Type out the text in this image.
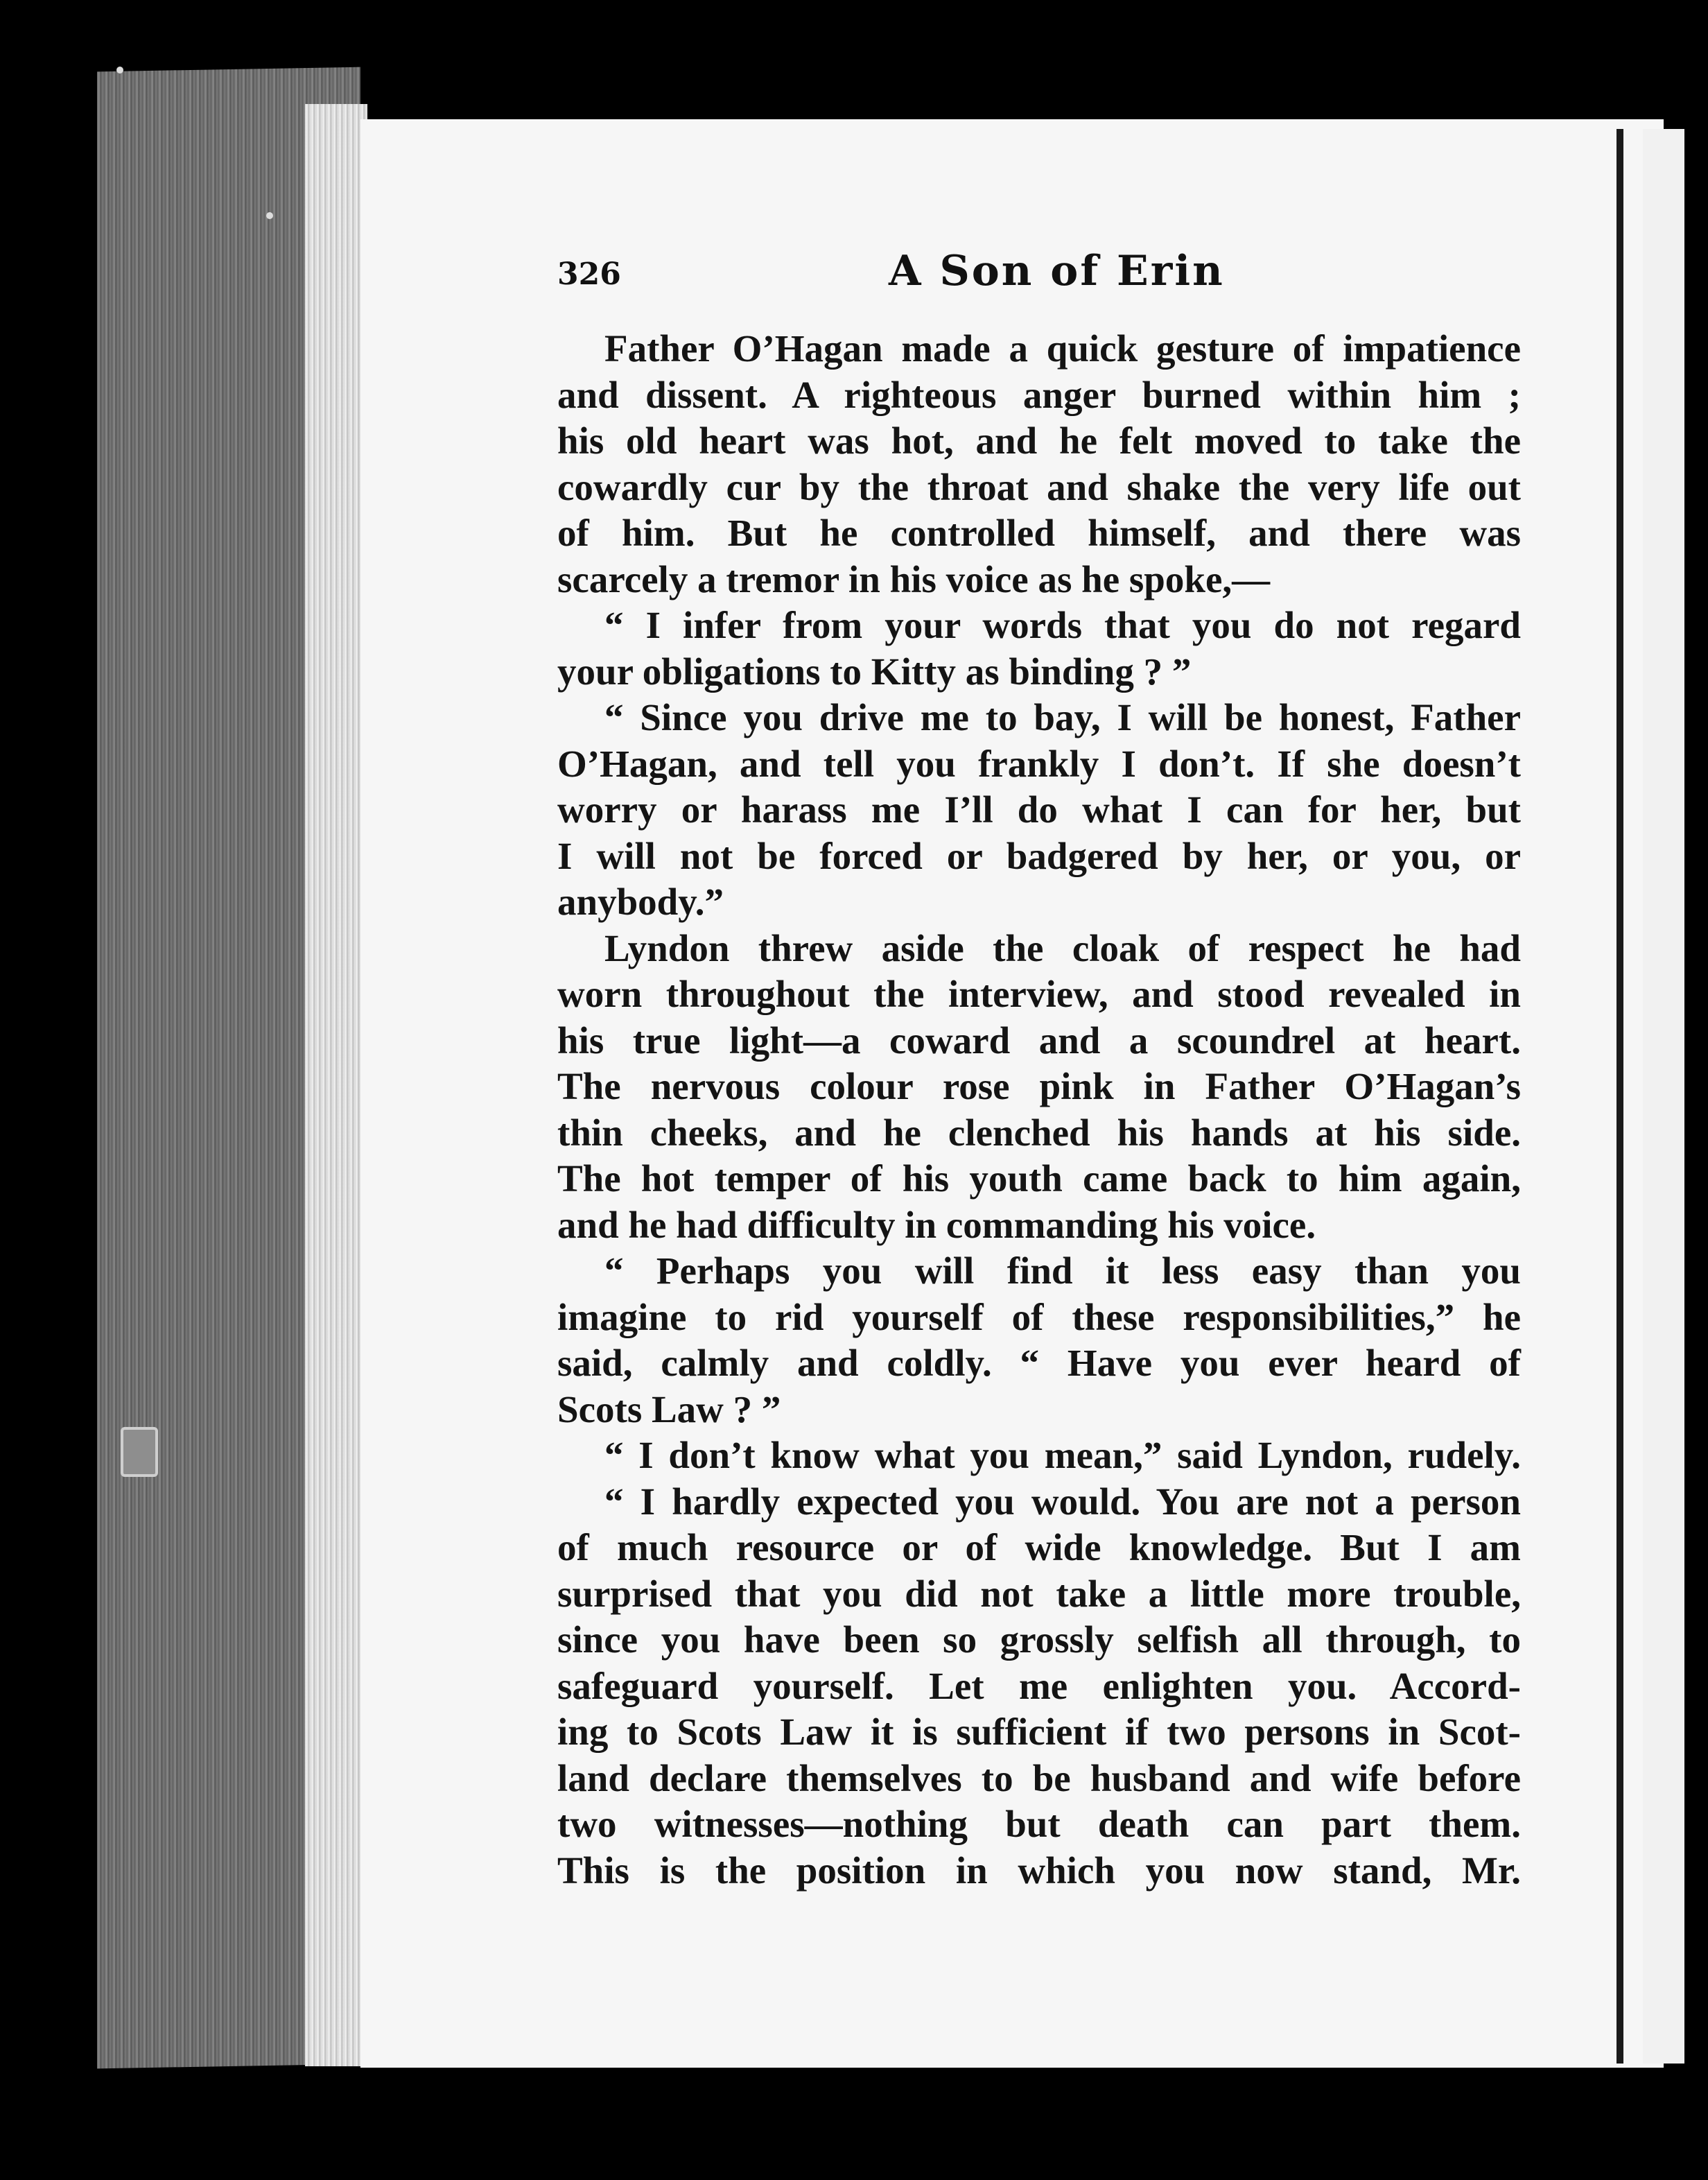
326	A Son of Erin
Father O’Hagan made a quick gesture of impatience
and dissent. A righteous anger burned within him ;
his old heart was hot, and he felt moved to take the
cowardly cur by the throat and shake the very life out
of him. But he controlled himself, and there was
scarcely a tremor in his voice as he spoke,—
“ I infer from your words that you do not regard
your obligations to Kitty as binding ? ”
“ Since you drive me to bay, I will be honest, Father
O’Hagan, and tell you frankly I don’t. If she doesn’t
worry or harass me I’ll do what I can for her, but
I will not be forced or badgered by her, or you, or
anybody.”
Lyndon threw aside the cloak of respect he had
worn throughout the interview, and stood revealed in
his true light—a coward and a scoundrel at heart.
The nervous colour rose pink in Father O’Hagan’s
thin cheeks, and he clenched his hands at his side.
The hot temper of his youth came back to him again,
and he had difficulty in commanding his voice.
“ Perhaps you will find it less easy than you
imagine to rid yourself of these responsibilities,” he
said, calmly and coldly. “ Have you ever heard of
Scots Law ? ”
“ I don’t know what you mean,” said Lyndon, rudely.
“ I hardly expected you would. You are not a person
of much resource or of wide knowledge. But I am
surprised that you did not take a little more trouble,
since you have been so grossly selfish all through, to
safeguard yourself. Let me enlighten you. Accord-
ing to Scots Law it is sufficient if two persons in Scot-
land declare themselves to be husband and wife before
two witnesses—nothing but death can part them.
This is the position in which you now stand, Mr.
